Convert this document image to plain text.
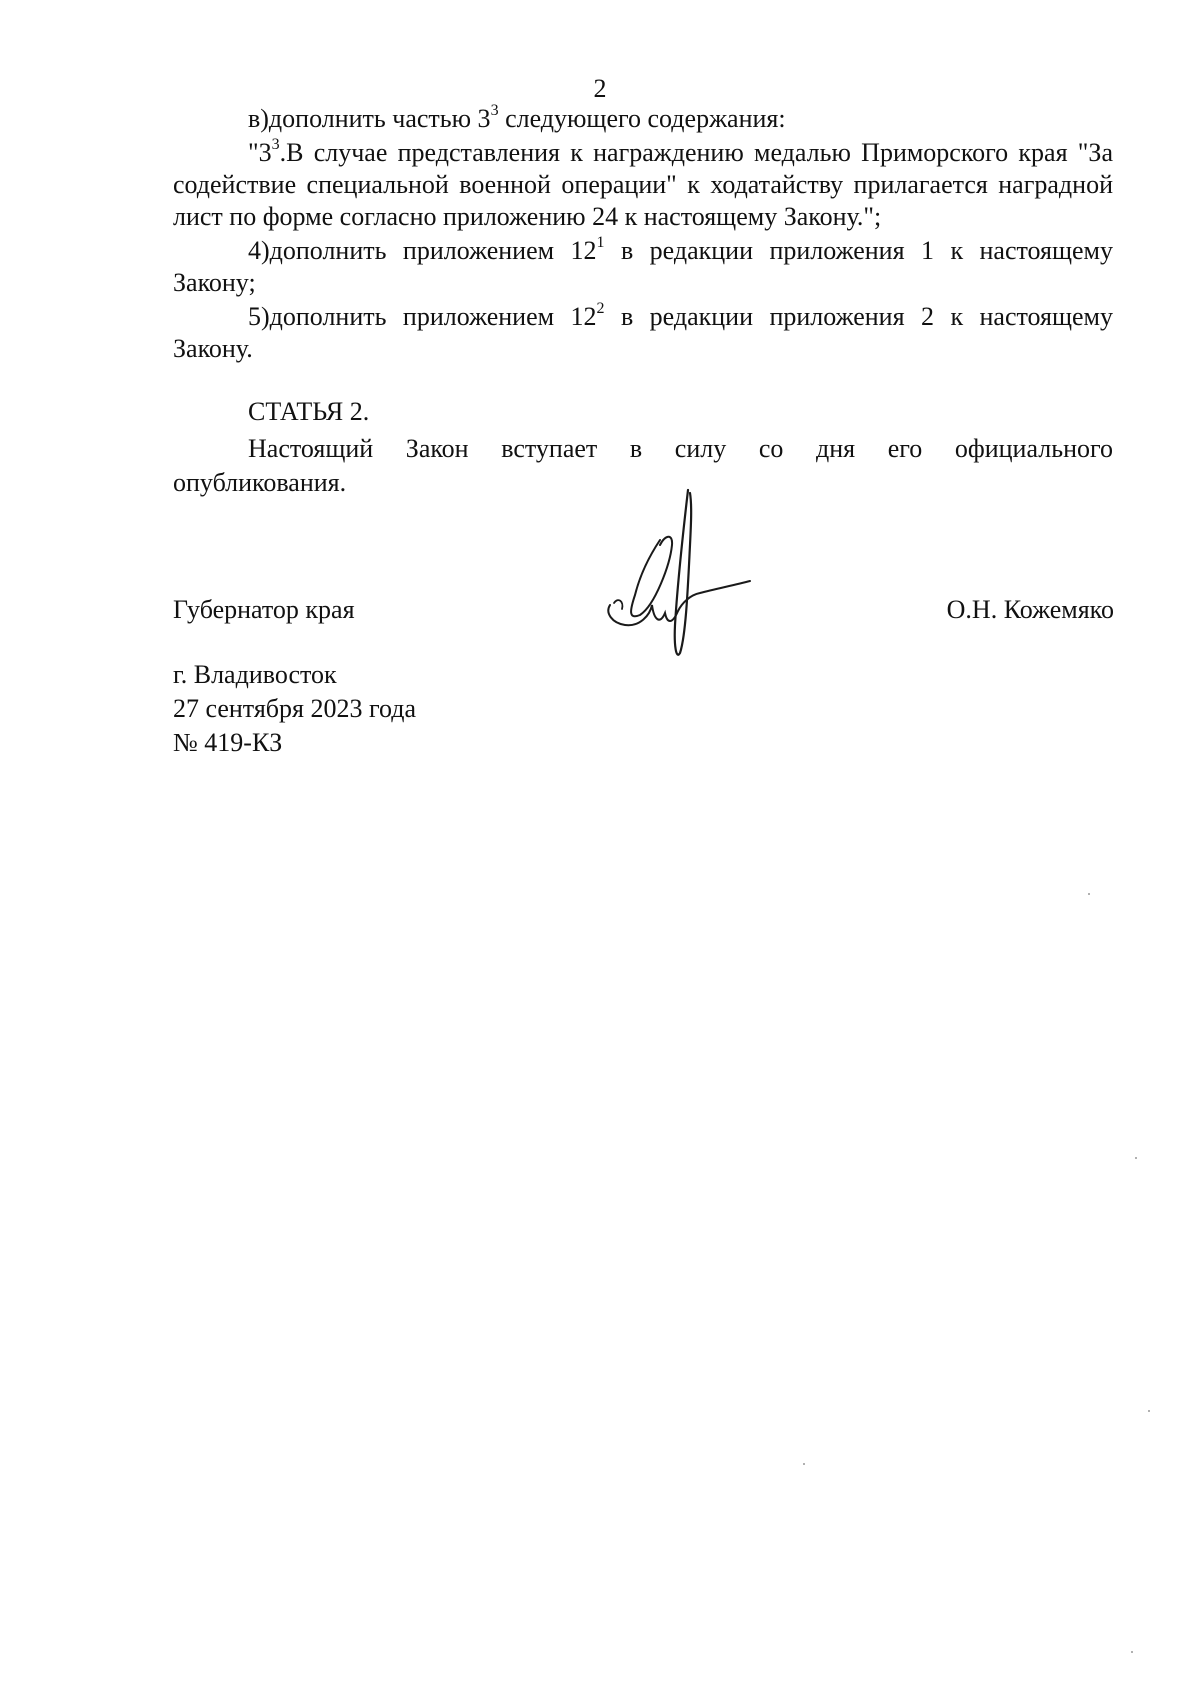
2

в)дополнить частью $3^3$ следующего содержания:

"$3^3.В$ случае представления к награждению медалью Приморского края "За содействие специальной военной операции" к ходатайству прилагается наградной лист по форме согласно приложению 24 к настоящему Закону.";

4)дополнить приложением $12^1$ в редакции приложения 1 к настоящему Закону;

5)дополнить приложением $12^2$ в редакции приложения 2 к настоящему Закону.

СТАТЬЯ 2.

Настоящий Закон вступает в силу со дня его официального

опубликования.

Губернатор края	О.Н. Кожемяко
г. Владивосток
27 сентября 2023 года
№ 419-КЗ
